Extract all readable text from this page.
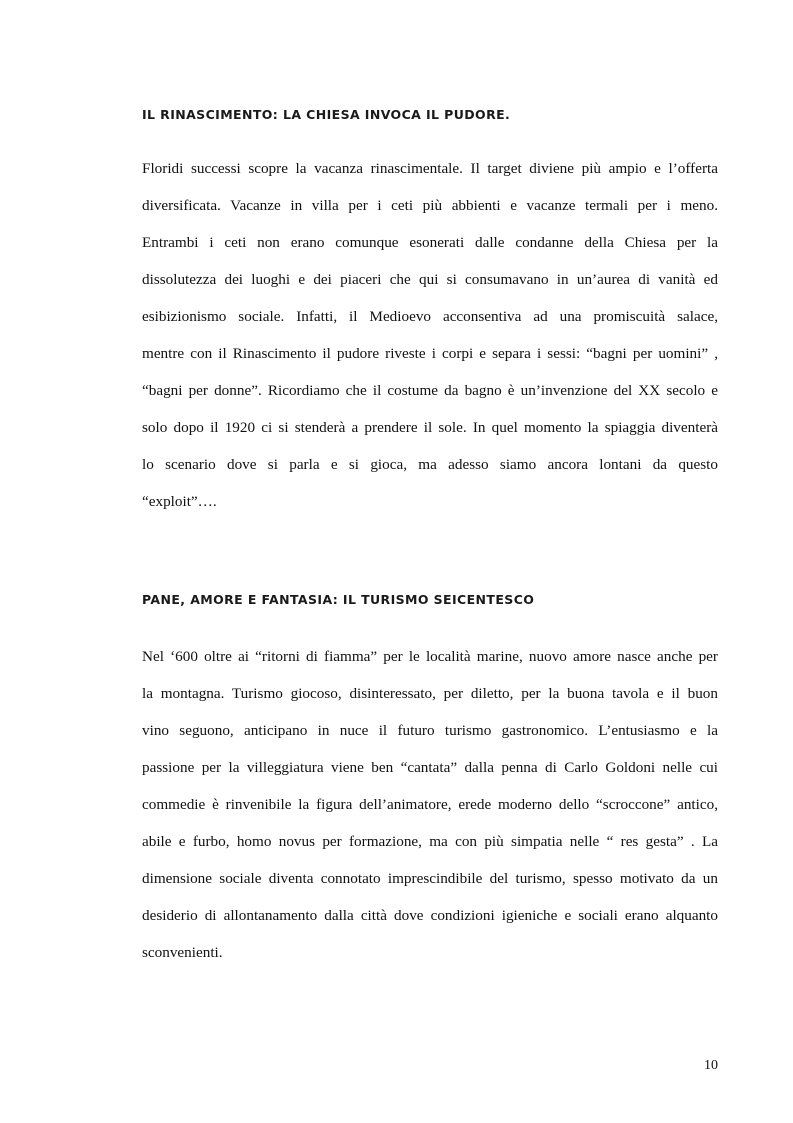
IL RINASCIMENTO: LA CHIESA INVOCA IL PUDORE.
Floridi successi scopre la vacanza rinascimentale. Il target diviene più ampio e l’offerta
diversificata. Vacanze in villa per i ceti più abbienti e vacanze termali per i meno.
Entrambi i ceti non erano comunque esonerati dalle condanne della Chiesa per la
dissolutezza dei luoghi e dei piaceri che qui si consumavano in un’aurea di vanità ed
esibizionismo sociale. Infatti, il Medioevo acconsentiva ad una promiscuità salace,
mentre con il Rinascimento il pudore riveste i corpi e separa i sessi: “bagni per uomini” ,
“bagni per donne”. Ricordiamo che il costume da bagno è un’invenzione del XX secolo e
solo dopo il 1920 ci si stenderà a prendere il sole. In quel momento la spiaggia diventerà
lo scenario dove si parla e si gioca, ma adesso siamo ancora lontani da questo
“exploit”….
PANE, AMORE E FANTASIA: IL TURISMO SEICENTESCO
Nel ‘600 oltre ai “ritorni di fiamma” per le località marine, nuovo amore nasce anche per
la montagna. Turismo giocoso, disinteressato, per diletto, per la buona tavola e il buon
vino seguono, anticipano in nuce il futuro turismo gastronomico. L’entusiasmo e la
passione per la villeggiatura viene ben “cantata” dalla penna di Carlo Goldoni nelle cui
commedie è rinvenibile la figura dell’animatore, erede moderno dello “scroccone” antico,
abile e furbo, homo novus per formazione, ma con più simpatia nelle “ res gesta” . La
dimensione sociale diventa connotato imprescindibile del turismo, spesso motivato da un
desiderio di allontanamento dalla città dove condizioni igieniche e sociali erano alquanto
sconvenienti.
10
